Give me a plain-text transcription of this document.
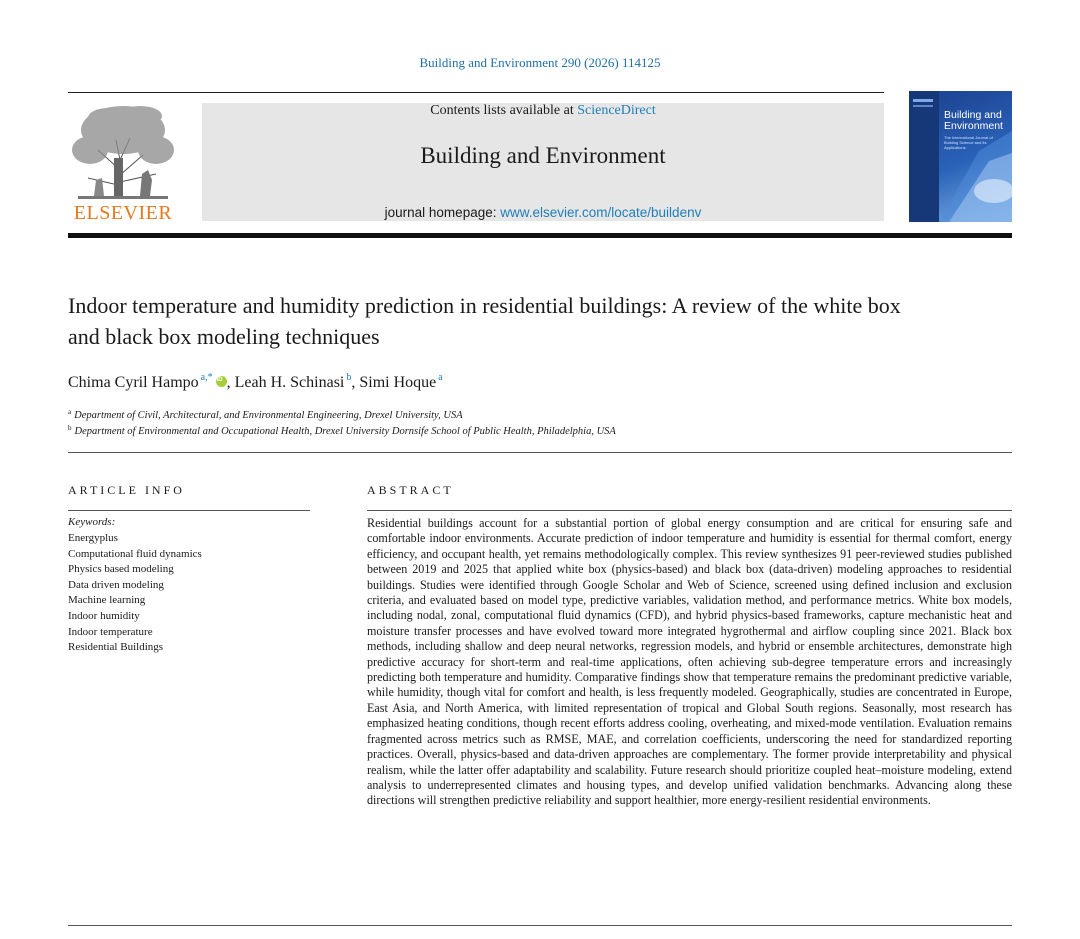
Building and Environment 290 (2026) 114125
ELSEVIER
Contents lists available at ScienceDirect
Building and Environment
journal homepage: www.elsevier.com/locate/buildenv
Building and Environment
The International Journal of Building Science and its Applications
Indoor temperature and humidity prediction in residential buildings: A review of the white box and black box modeling techniques
Chima Cyril Hampo $^{a,*}$iD , Leah H. Schinasi $^b$, Simi Hoque $^a$
$^a$ Department of Civil, Architectural, and Environmental Engineering, Drexel University, USA
$^b$ Department of Environmental and Occupational Health, Drexel University Dornsife School of Public Health, Philadelphia, USA
ARTICLE INFO
Keywords:
Energyplus
Computational fluid dynamics
Physics based modeling
Data driven modeling
Machine learning
Indoor humidity
Indoor temperature
Residential Buildings
ABSTRACT
Residential buildings account for a substantial portion of global energy consumption and are critical for ensuring safe and comfortable indoor environments. Accurate prediction of indoor temperature and humidity is essential for thermal comfort, energy efficiency, and occupant health, yet remains methodologically complex. This review synthesizes 91 peer-reviewed studies published between 2019 and 2025 that applied white box (physics-based) and black box (data-driven) modeling approaches to residential buildings. Studies were identified through Google Scholar and Web of Science, screened using defined inclusion and exclusion criteria, and evaluated based on model type, predictive variables, validation method, and performance metrics. White box models, including nodal, zonal, computational fluid dynamics (CFD), and hybrid physics-based frameworks, capture mechanistic heat and moisture transfer processes and have evolved toward more integrated hygrothermal and airflow coupling since 2021. Black box methods, including shallow and deep neural networks, regression models, and hybrid or ensemble architectures, demonstrate high predictive accuracy for short-term and real-time applications, often achieving sub-degree temperature errors and increasingly predicting both temperature and humidity. Comparative findings show that temperature remains the predominant predictive variable, while humidity, though vital for comfort and health, is less frequently modeled. Geographically, studies are concentrated in Europe, East Asia, and North America, with limited representation of tropical and Global South regions. Seasonally, most research has emphasized heating conditions, though recent efforts address cooling, overheating, and mixed-mode ventilation. Evaluation remains fragmented across metrics such as RMSE, MAE, and correlation coefficients, underscoring the need for standardized reporting practices. Overall, physics-based and data-driven approaches are complementary. The former provide interpretability and physical realism, while the latter offer adaptability and scalability. Future research should prioritize coupled heat–moisture modeling, extend analysis to underrepresented climates and housing types, and develop unified validation benchmarks. Advancing along these directions will strengthen predictive reliability and support healthier, more energy-resilient residential environments.
